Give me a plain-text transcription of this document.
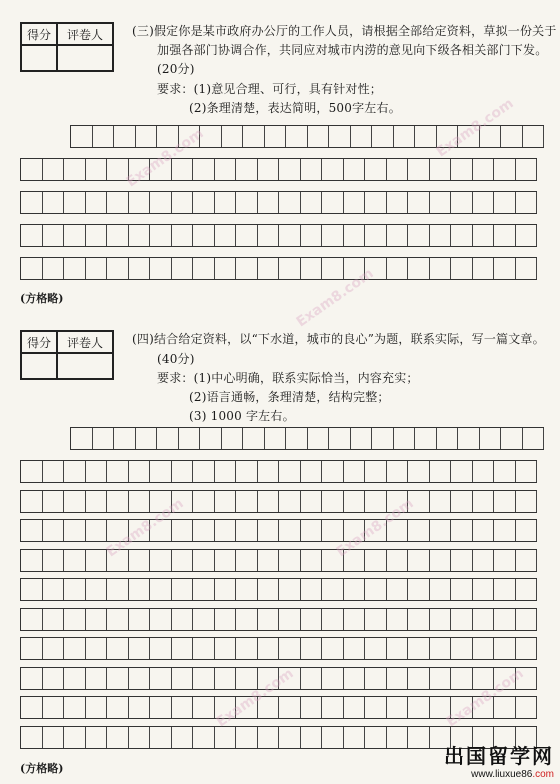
得分	评卷人	(三)假定你是某市政府办公厅的工作人员，请根据全部给定资料，草拟一份关于
加强各部门协调合作，共同应对城市内涝的意见向下级各相关部门下发。
(20分)
要求：(1)意见合理、可行，具有针对性；
(2)条理清楚，表达简明，500字左右。
(方格略)
得分	评卷人	(四)结合给定资料，以“下水道，城市的良心”为题，联系实际，写一篇文章。
(40分)
要求：(1)中心明确，联系实际恰当，内容充实；
(2)语言通畅，条理清楚，结构完整；
(3) 1000 字左右。
(方格略)
Exam8.com	Exam8.com
Exam8.com
Exam8.com	Exam8.com
Exam8.com	Exam8.com
出国留学网
www.liuxue86.com
